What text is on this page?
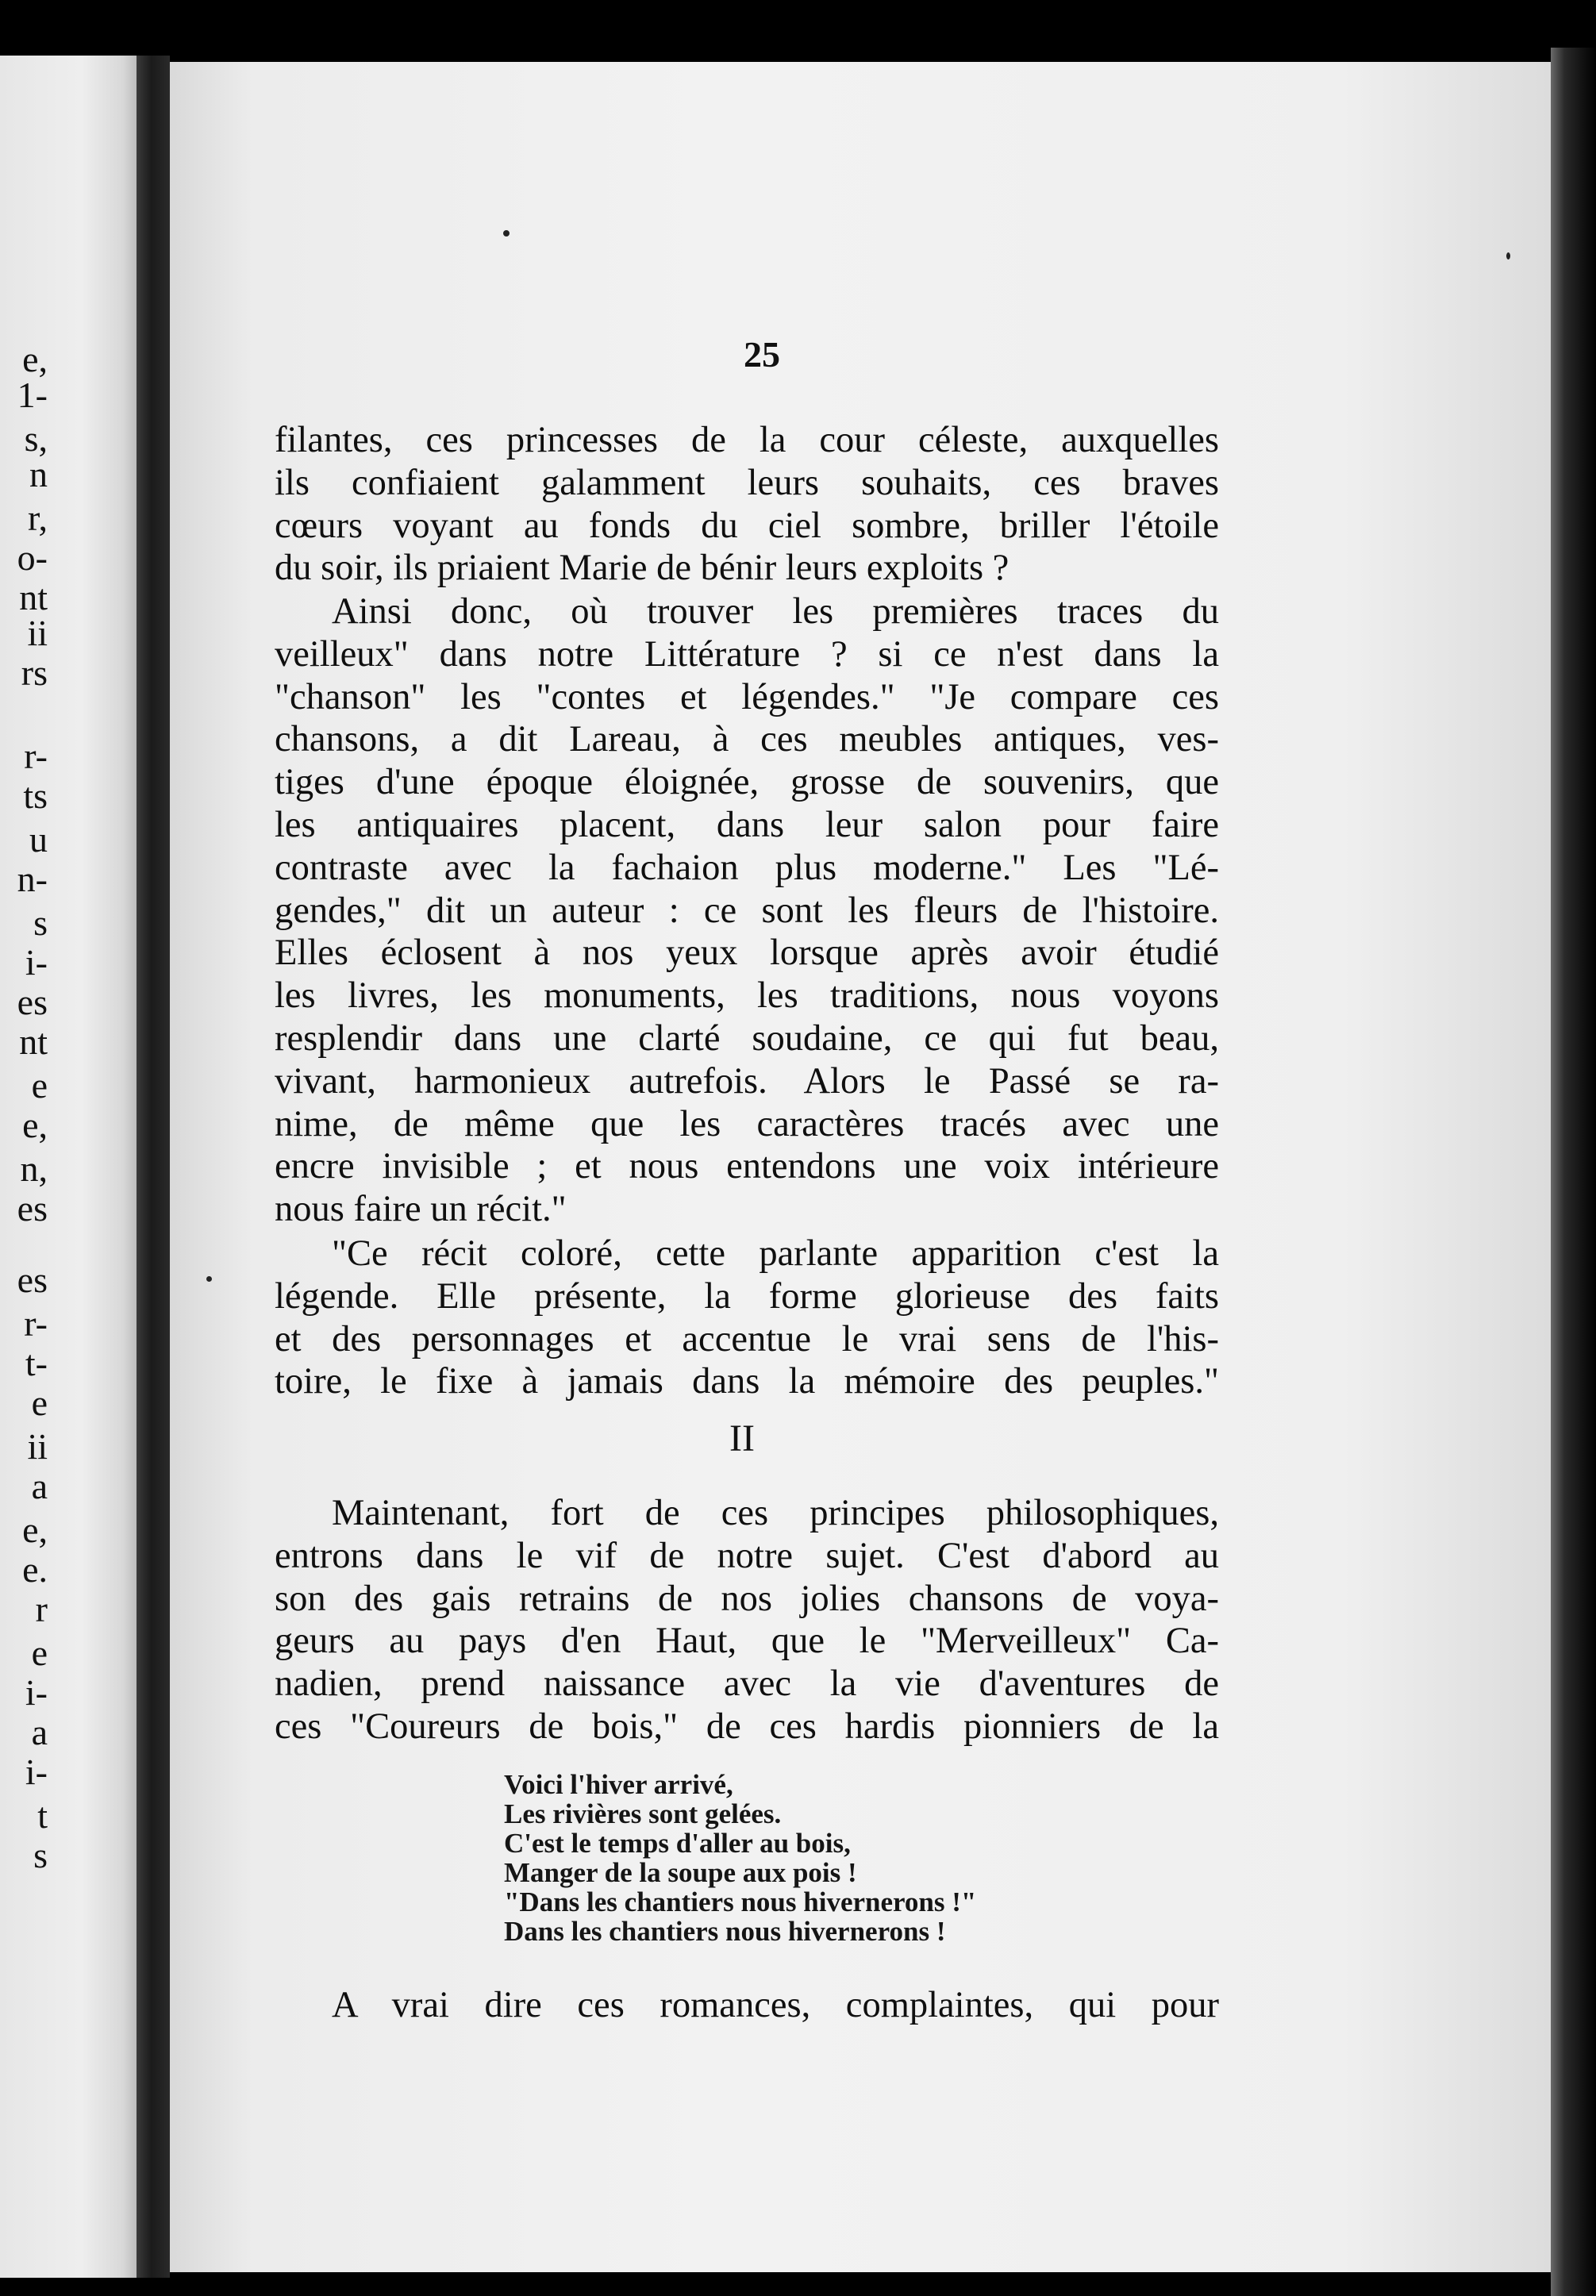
e,
1-
s,
n
r,
o-
nt
ii
rs
r-
ts
u
n-
s
i-
es
nt
e
e,
n,
es
es
r-
t-
e
ii
a
e,
e.
r
e
i-
a
i-
t
s
25
filantes, ces princesses de la cour céleste, auxquelles
ils confiaient galamment leurs souhaits, ces braves
cœurs voyant au fonds du ciel sombre, briller l'étoile
du soir, ils priaient Marie de bénir leurs exploits ?
Ainsi donc, où trouver les premières traces du
veilleux" dans notre Littérature ? si ce n'est dans la
"chanson" les "contes et légendes." "Je compare ces
chansons, a dit Lareau, à ces meubles antiques, ves-
tiges d'une époque éloignée, grosse de souvenirs, que
les antiquaires placent, dans leur salon pour faire
contraste avec la fachaion plus moderne." Les "Lé-
gendes," dit un auteur : ce sont les fleurs de l'histoire.
Elles éclosent à nos yeux lorsque après avoir étudié
les livres, les monuments, les traditions, nous voyons
resplendir dans une clarté soudaine, ce qui fut beau,
vivant, harmonieux autrefois. Alors le Passé se ra-
nime, de même que les caractères tracés avec une
encre invisible ; et nous entendons une voix intérieure
nous faire un récit."
"Ce récit coloré, cette parlante apparition c'est la
légende. Elle présente, la forme glorieuse des faits
et des personnages et accentue le vrai sens de l'his-
toire, le fixe à jamais dans la mémoire des peuples."
II
Maintenant, fort de ces principes philosophiques,
entrons dans le vif de notre sujet. C'est d'abord au
son des gais retrains de nos jolies chansons de voya-
geurs au pays d'en Haut, que le "Merveilleux" Ca-
nadien, prend naissance avec la vie d'aventures de
ces "Coureurs de bois," de ces hardis pionniers de la
Voici l'hiver arrivé,
Les rivières sont gelées.
C'est le temps d'aller au bois,
Manger de la soupe aux pois !
"Dans les chantiers nous hivernerons !"
Dans les chantiers nous hivernerons !
A vrai dire ces romances, complaintes, qui pour
